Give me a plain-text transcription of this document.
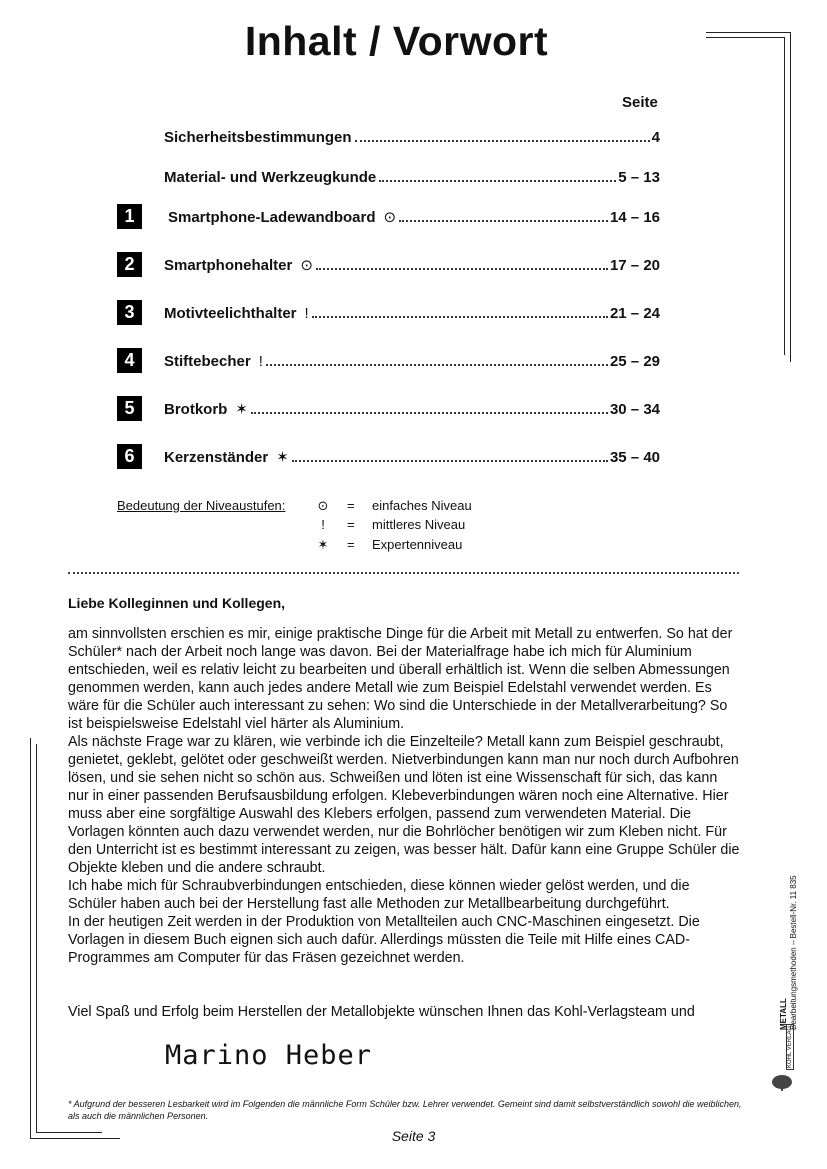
Inhalt / Vorwort
Seite
Sicherheitsbestimmungen	4
Material- und Werkzeugkunde	5 – 13
1	Smartphone-Ladewandboard ⊙	14 – 16
2	Smartphonehalter ⊙	17 – 20
3	Motivteelichthalter !	21 – 24
4	Stiftebecher !	25 – 29
5	Brotkorb ✶	30 – 34
6	Kerzenständer ✶	35 – 40
Bedeutung der Niveaustufen: ⊙ = einfaches Niveau
!	= mittleres Niveau
✶ = Expertenniveau
Liebe Kolleginnen und Kollegen,

am sinnvollsten erschien es mir, einige praktische Dinge für die Arbeit mit Metall zu entwerfen. So hat der Schüler* nach der Arbeit noch lange was davon. Bei der Materialfrage habe ich mich für Aluminium entschieden, weil es relativ leicht zu bearbeiten und überall erhältlich ist. Wenn die selben Abmessungen genommen werden, kann auch jedes andere Metall wie zum Beispiel Edelstahl verwendet werden. Es wäre für die Schüler auch interessant zu sehen: Wo sind die Unterschiede in der Metallverarbeitung? So ist beispielsweise Edelstahl viel härter als Aluminium.

Als nächste Frage war zu klären, wie verbinde ich die Einzelteile? Metall kann zum Beispiel geschraubt, genietet, geklebt, gelötet oder geschweißt werden. Nietverbindungen kann man nur noch durch Aufbohren lösen, und sie sehen nicht so schön aus. Schweißen und löten ist eine Wissenschaft für sich, das kann nur in einer passenden Berufsausbildung erfolgen. Klebeverbindungen wären noch eine Alternative. Hier muss aber eine sorgfältige Auswahl des Klebers erfolgen, passend zum verwendeten Material. Die Vorlagen könnten auch dazu verwendet werden, nur die Bohrlöcher benötigen wir zum Kleben nicht. Für den Unterricht ist es bestimmt interessant zu zeigen, was besser hält. Dafür kann eine Gruppe Schüler die Objekte kleben und die andere schraubt.

Ich habe mich für Schraubverbindungen entschieden, diese können wieder gelöst werden, und die Schüler haben auch bei der Herstellung fast alle Methoden zur Metallbearbeitung durchgeführt.

In der heutigen Zeit werden in der Produktion von Metallteilen auch CNC-Maschinen eingesetzt. Die Vorlagen in diesem Buch eignen sich auch dafür. Allerdings müssten die Teile mit Hilfe eines CAD-Programmes am Computer für das Fräsen gezeichnet werden.

Viel Spaß und Erfolg beim Herstellen der Metallobjekte wünschen Ihnen das Kohl-Verlagsteam und
Marino Heber
* Aufgrund der besseren Lesbarkeit wird im Folgenden die männliche Form Schüler bzw. Lehrer verwendet. Gemeint sind damit selbstverständlich sowohl die weiblichen, als auch die männlichen Personen.
Seite 3
METALL Bearbeitungsmethoden – Bestell-Nr. 11 835
KOHL VERLAG
